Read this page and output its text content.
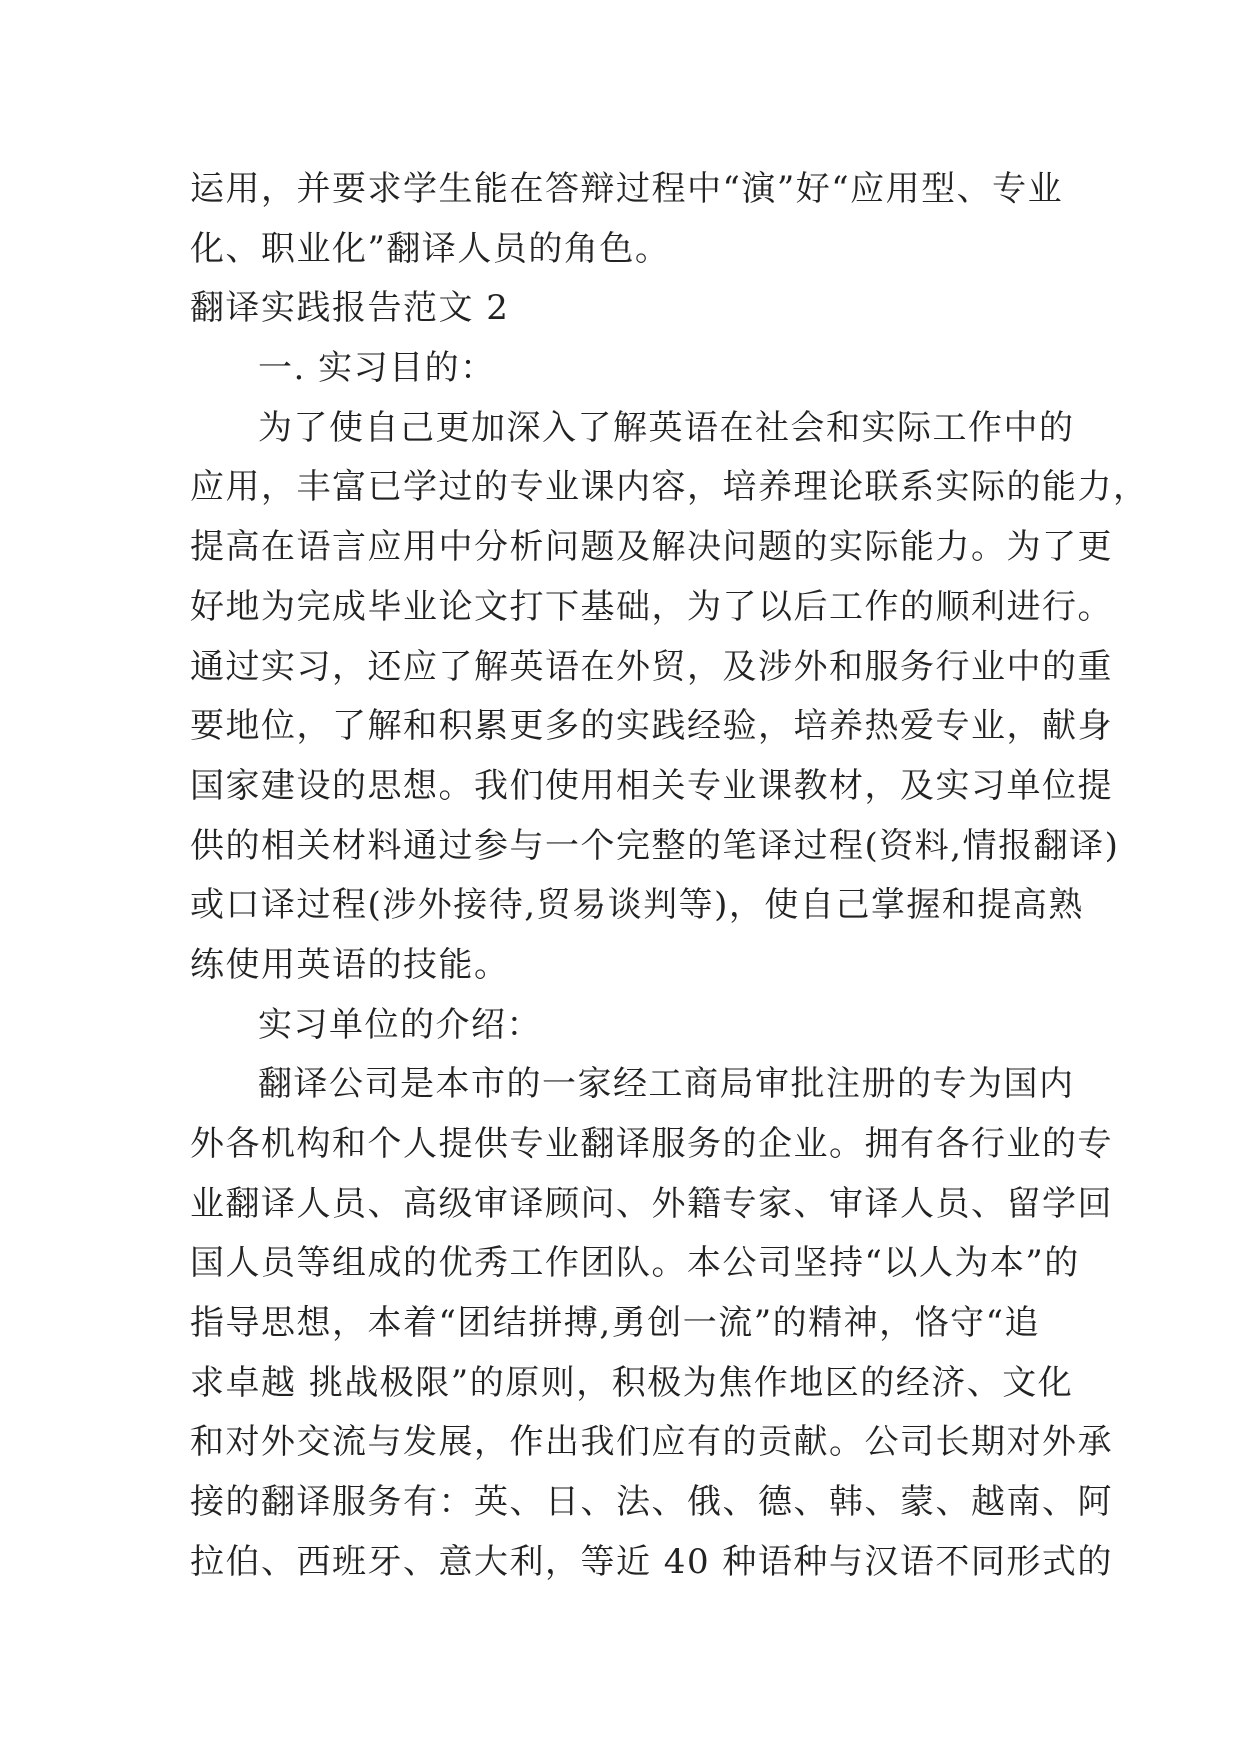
运用，并要求学生能在答辩过程中“演”好“应用型、专业
化、职业化”翻译人员的角色。
翻译实践报告范文 2
一. 实习目的：
为了使自己更加深入了解英语在社会和实际工作中的
应用，丰富已学过的专业课内容，培养理论联系实际的能力，
提高在语言应用中分析问题及解决问题的实际能力。为了更
好地为完成毕业论文打下基础，为了以后工作的顺利进行。
通过实习，还应了解英语在外贸，及涉外和服务行业中的重
要地位，了解和积累更多的实践经验，培养热爱专业，献身
国家建设的思想。我们使用相关专业课教材，及实习单位提
供的相关材料通过参与一个完整的笔译过程(资料,情报翻译)
或口译过程(涉外接待,贸易谈判等)，使自己掌握和提高熟
练使用英语的技能。
实习单位的介绍：
翻译公司是本市的一家经工商局审批注册的专为国内
外各机构和个人提供专业翻译服务的企业。拥有各行业的专
业翻译人员、高级审译顾问、外籍专家、审译人员、留学回
国人员等组成的优秀工作团队。本公司坚持“以人为本”的
指导思想，本着“团结拼搏,勇创一流”的精神，恪守“追
求卓越 挑战极限”的原则，积极为焦作地区的经济、文化
和对外交流与发展，作出我们应有的贡献。公司长期对外承
接的翻译服务有：英、日、法、俄、德、韩、蒙、越南、阿
拉伯、西班牙、意大利，等近 40 种语种与汉语不同形式的
